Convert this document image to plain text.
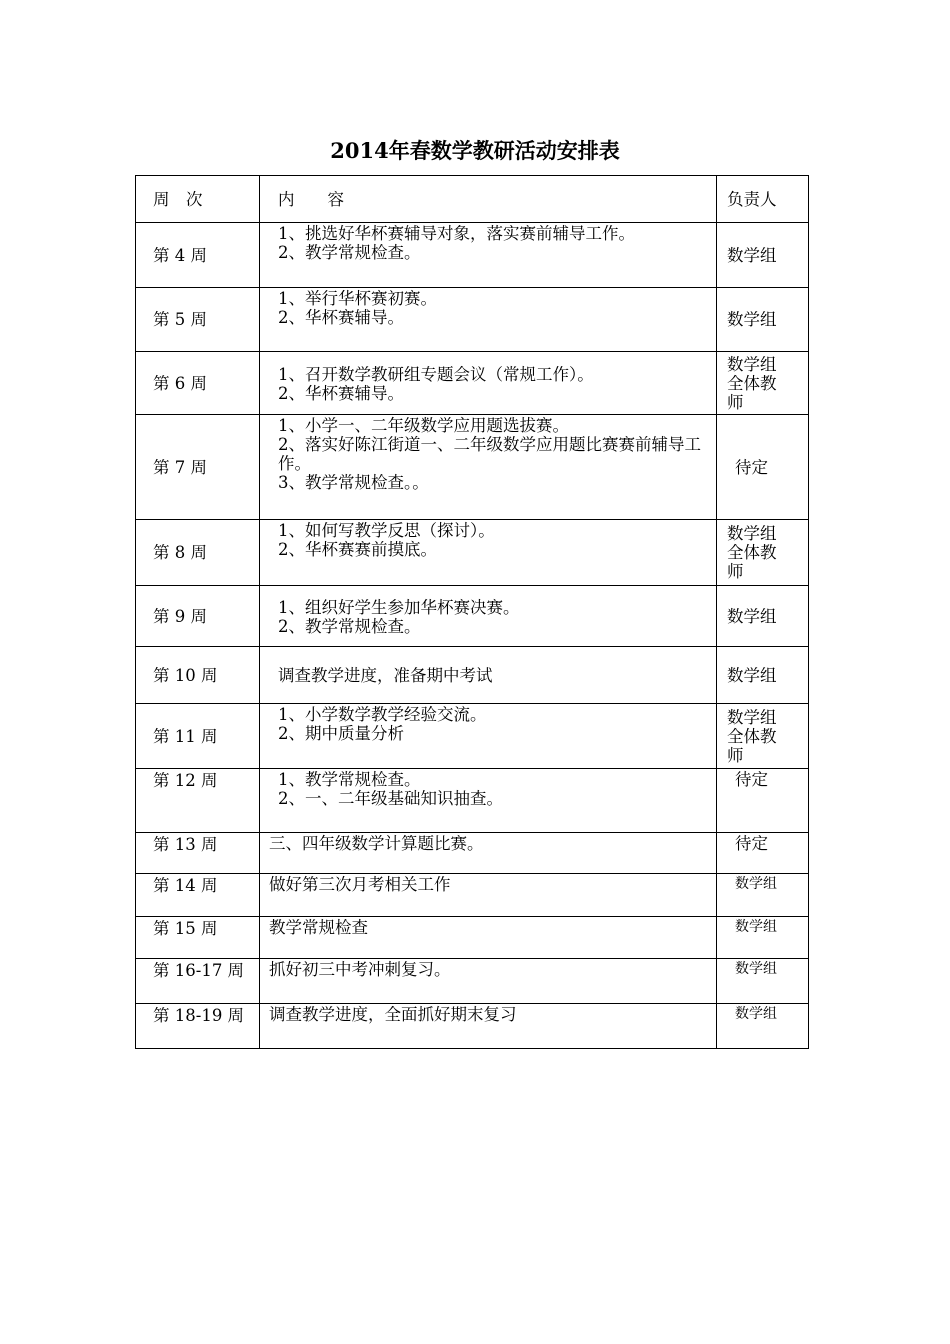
2014年春数学教研活动安排表
周　次	内　　容	负责人
第 4 周	1、挑选好华杯赛辅导对象，落实赛前辅导工作。
2、教学常规检查。	数学组

第 5 周	1、举行华杯赛初赛。
2、华杯赛辅导。	数学组

第 6 周	1、召开数学教研组专题会议（常规工作）。
2、华杯赛辅导。	数学组
全体教
师

第 7 周	1、小学一、二年级数学应用题选拔赛。
2、落实好陈江街道一、二年级数学应用题比赛赛前辅导工作。
3、教学常规检查。。	待定

第 8 周	1、如何写教学反思（探讨）。
2、华杯赛赛前摸底。	数学组
全体教
师

第 9 周	1、组织好学生参加华杯赛决赛。
2、教学常规检查。	数学组

第 10 周	调查教学进度，准备期中考试	数学组

第 11 周	1、小学数学教学经验交流。
2、期中质量分析	数学组
全体教
师

第 12 周	1、教学常规检查。
2、一、二年级基础知识抽查。	待定

第 13 周	三、四年级数学计算题比赛。	待定

第 14 周	做好第三次月考相关工作	数学组

第 15 周	教学常规检查	数学组

第 16-17 周	抓好初三中考冲刺复习。	数学组

第 18-19 周	调查教学进度，全面抓好期末复习	数学组
